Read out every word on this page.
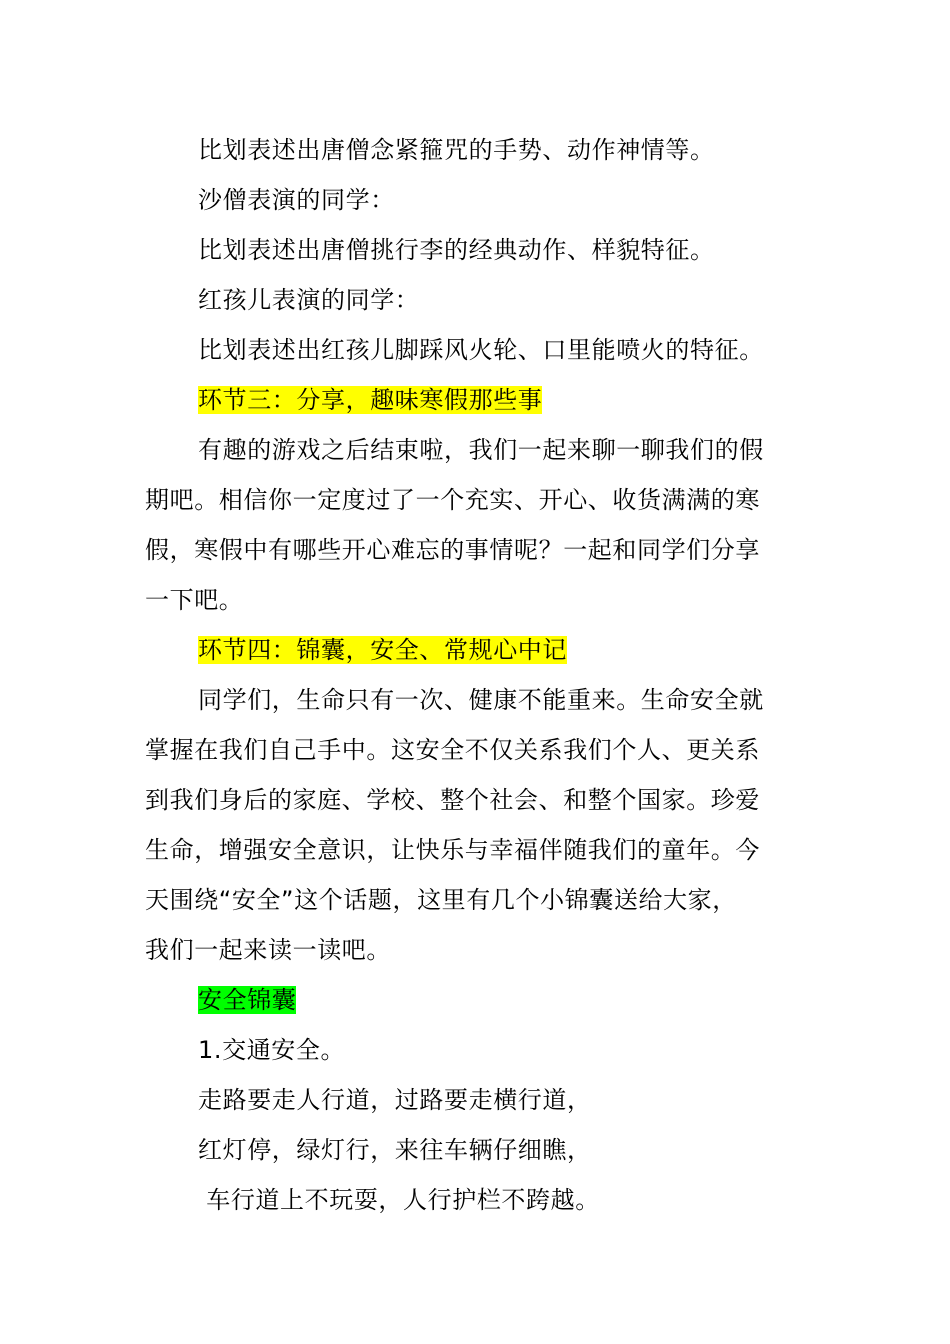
比划表述出唐僧念紧箍咒的手势、动作神情等。
沙僧表演的同学：
比划表述出唐僧挑行李的经典动作、样貌特征。
红孩儿表演的同学：
比划表述出红孩儿脚踩风火轮、口里能喷火的特征。
环节三：分享，趣味寒假那些事
有趣的游戏之后结束啦，我们一起来聊一聊我们的假
期吧。相信你一定度过了一个充实、开心、收货满满的寒
假，寒假中有哪些开心难忘的事情呢？一起和同学们分享
一下吧。
环节四：锦囊，安全、常规心中记
同学们，生命只有一次、健康不能重来。生命安全就
掌握在我们自己手中。这安全不仅关系我们个人、更关系
到我们身后的家庭、学校、整个社会、和整个国家。珍爱
生命，增强安全意识，让快乐与幸福伴随我们的童年。今
天围绕“安全”这个话题，这里有几个小锦囊送给大家，
我们一起来读一读吧。
安全锦囊
1.交通安全。
走路要走人行道，过路要走横行道，
红灯停，绿灯行，来往车辆仔细瞧，
车行道上不玩耍，人行护栏不跨越。
